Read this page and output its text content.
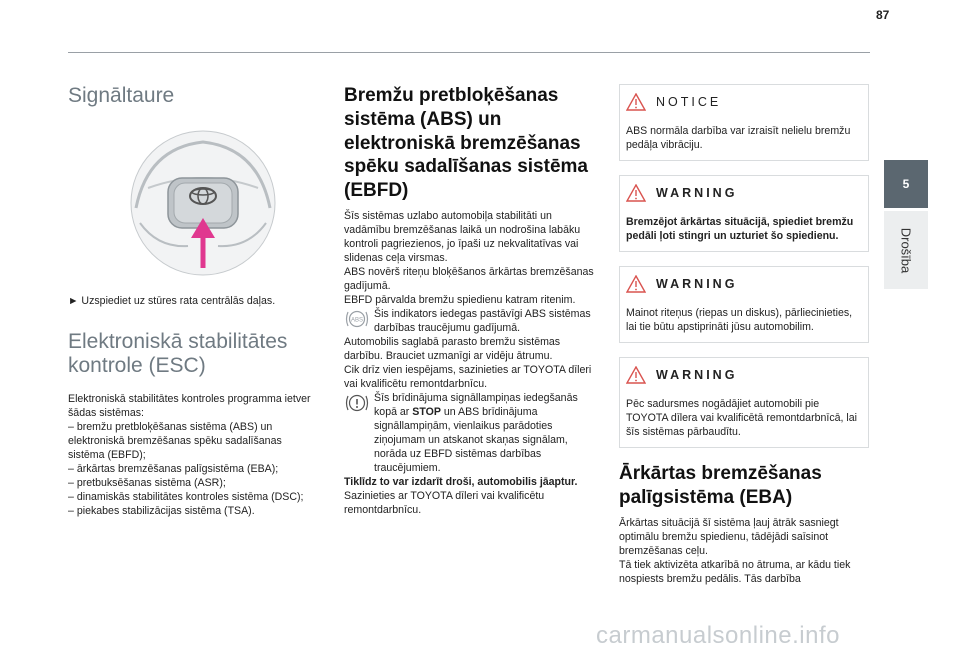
87
5
Drošība
Signāltaure

► Uzspiediet uz stūres rata centrālās daļas.

Elektroniskā stabilitātes kontrole (ESC)

Elektroniskā stabilitātes kontroles programma ietver šādas sistēmas:
– bremžu pretbloķēšanas sistēma (ABS) un elektroniskā bremzēšanas spēku sadalīšanas sistēma (EBFD);
– ārkārtas bremzēšanas palīgsistēma (EBA);
– pretbuksēšanas sistēma (ASR);
– dinamiskās stabilitātes kontroles sistēma (DSC);
– piekabes stabilizācijas sistēma (TSA).

Bremžu pretbloķēšanas sistēma (ABS) un elektroniskā bremzēšanas spēku sadalīšanas sistēma (EBFD)

Šīs sistēmas uzlabo automobiļa stabilitāti un vadāmību bremzēšanas laikā un nodrošina labāku kontroli pagriezienos, jo īpaši uz nekvalitatīvas vai slidenas ceļa virsmas.
ABS novērš riteņu bloķēšanos ārkārtas bremzēšanas gadījumā.
EBFD pārvalda bremžu spiedienu katram ritenim.

ABS

Šis indikators iedegas pastāvīgi ABS sistēmas darbības traucējumu gadījumā.

Automobilis saglabā parasto bremžu sistēmas darbību. Brauciet uzmanīgi ar vidēju ātrumu.
Cik drīz vien iespējams, sazinieties ar TOYOTA dīleri vai kvalificētu remontdarbnīcu.

Šīs brīdinājuma signāllampiņas iedegšanās kopā ar STOP un ABS brīdinājuma signāllampiņām, vienlaikus parādoties ziņojumam un atskanot skaņas signālam, norāda uz EBFD sistēmas darbības traucējumiem.

Tiklīdz to var izdarīt droši, automobilis jāaptur.

Sazinieties ar TOYOTA dīleri vai kvalificētu remontdarbnīcu.

NOTICE
ABS normāla darbība var izraisīt nelielu bremžu pedāļa vibrāciju.
WARNING
Bremzējot ārkārtas situācijā, spiediet bremžu pedāli ļoti stingri un uzturiet šo spiedienu.
WARNING
Mainot riteņus (riepas un diskus), pārliecinieties, lai tie būtu apstiprināti jūsu automobilim.
WARNING
Pēc sadursmes nogādājiet automobili pie TOYOTA dīlera vai kvalificētā remontdarbnīcā, lai šīs sistēmas pārbaudītu.
Ārkārtas bremzēšanas palīgsistēma (EBA)

Ārkārtas situācijā šī sistēma ļauj ātrāk sasniegt optimālu bremžu spiedienu, tādējādi saīsinot bremzēšanas ceļu.
Tā tiek aktivizēta atkarībā no ātruma, ar kādu tiek nospiests bremžu pedālis. Tās darbība

carmanualsonline.info
